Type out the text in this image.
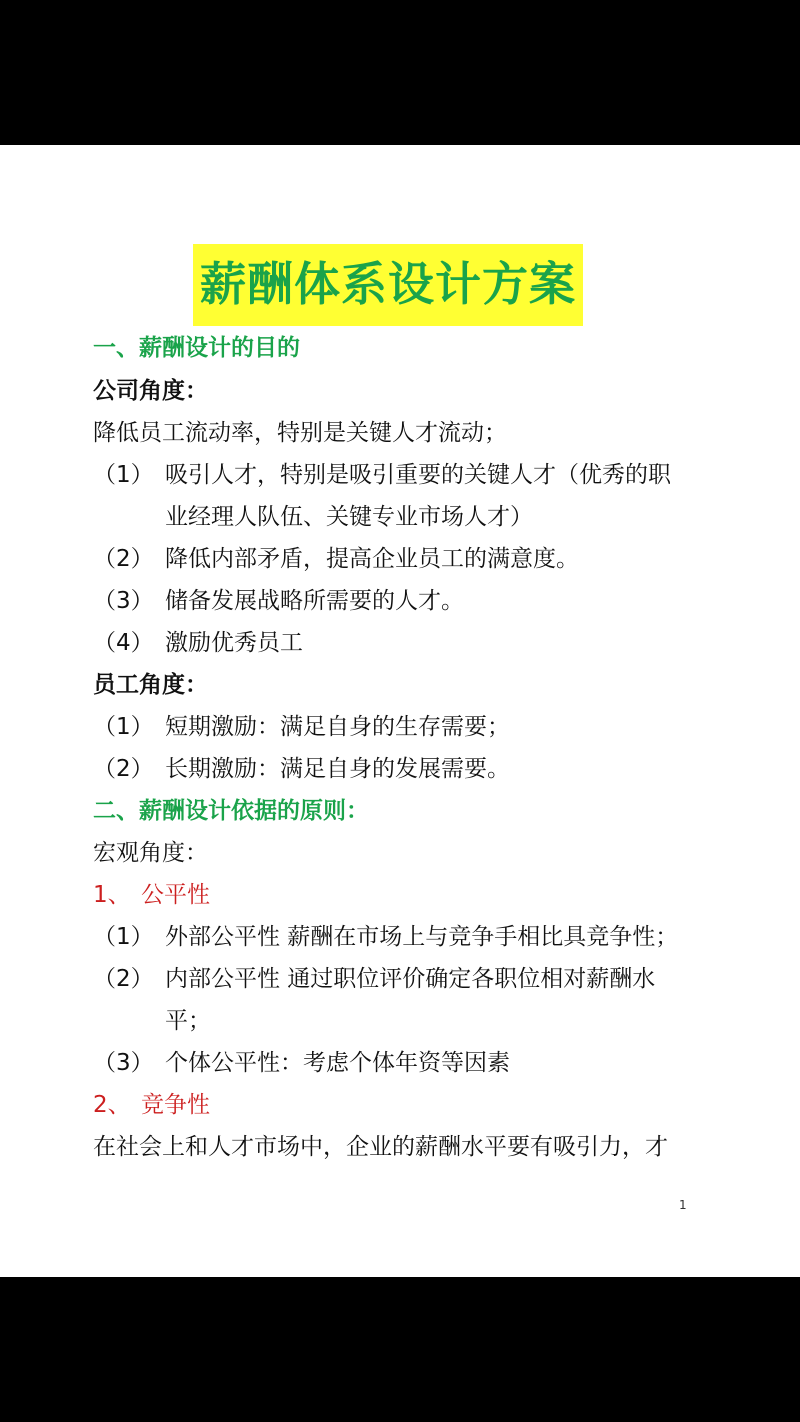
薪酬体系设计方案
一、薪酬设计的目的
公司角度：
降低员工流动率，特别是关键人才流动；
（1） 吸引人才，特别是吸引重要的关键人才（优秀的职
业经理人队伍、关键专业市场人才）
（2） 降低内部矛盾，提高企业员工的满意度。
（3） 储备发展战略所需要的人才。
（4） 激励优秀员工
员工角度：
（1） 短期激励：满足自身的生存需要；
（2） 长期激励：满足自身的发展需要。
二、薪酬设计依据的原则：
宏观角度：
1、 公平性
（1） 外部公平性 薪酬在市场上与竞争手相比具竞争性；
（2） 内部公平性 通过职位评价确定各职位相对薪酬水
平；
（3） 个体公平性：考虑个体年资等因素
2、 竞争性
在社会上和人才市场中，企业的薪酬水平要有吸引力，才
1
